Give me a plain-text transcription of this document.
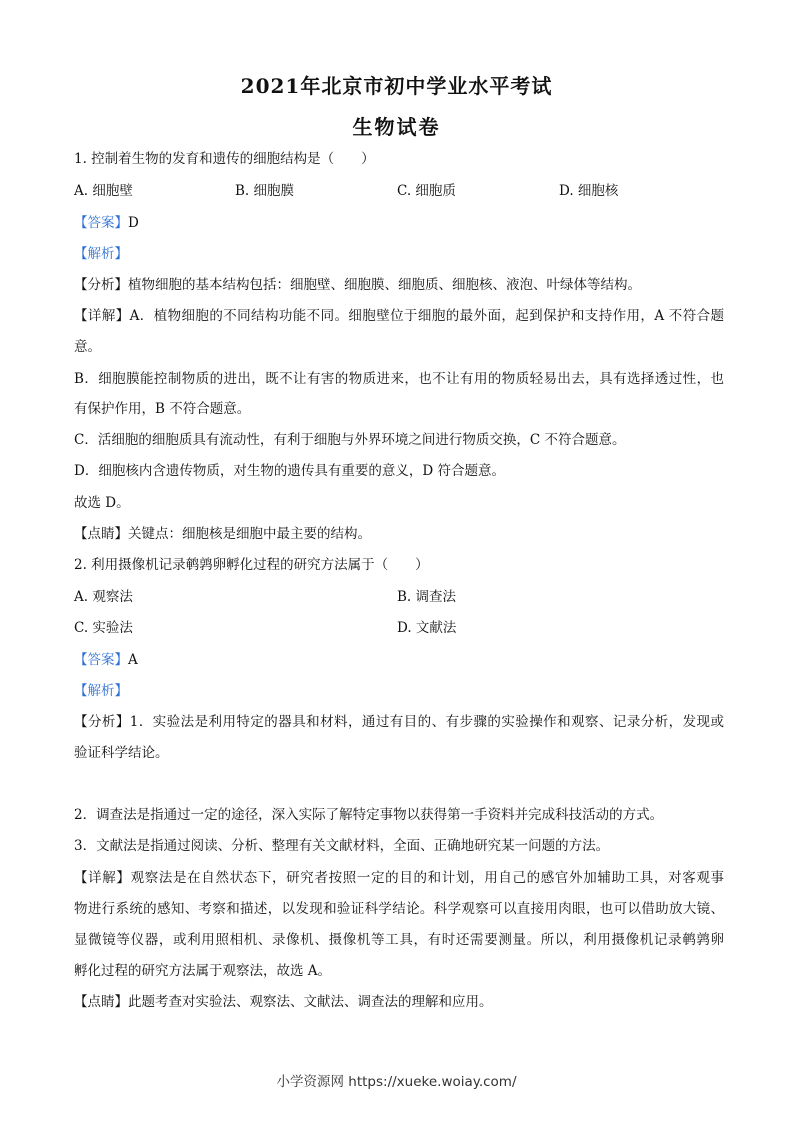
2021年北京市初中学业水平考试
生物试卷
1. 控制着生物的发育和遗传的细胞结构是（　　）
A. 细胞壁	B. 细胞膜	C. 细胞质	D. 细胞核
【答案】D
【解析】
【分析】植物细胞的基本结构包括：细胞壁、细胞膜、细胞质、细胞核、液泡、叶绿体等结构。
【详解】A．植物细胞的不同结构功能不同。细胞壁位于细胞的最外面，起到保护和支持作用，A 不符合题
意。
B．细胞膜能控制物质的进出，既不让有害的物质进来，也不让有用的物质轻易出去，具有选择透过性，也
有保护作用，B 不符合题意。
C．活细胞的细胞质具有流动性，有利于细胞与外界环境之间进行物质交换，C 不符合题意。
D．细胞核内含遗传物质，对生物的遗传具有重要的意义，D 符合题意。
故选 D。
【点睛】关键点：细胞核是细胞中最主要的结构。
2. 利用摄像机记录鹌鹑卵孵化过程的研究方法属于（　　）
A. 观察法	B. 调查法
C. 实验法	D. 文献法
【答案】A
【解析】
【分析】1．实验法是利用特定的器具和材料，通过有目的、有步骤的实验操作和观察、记录分析，发现或
验证科学结论。
2．调查法是指通过一定的途径，深入实际了解特定事物以获得第一手资料并完成科技活动的方式。
3．文献法是指通过阅读、分析、整理有关文献材料，全面、正确地研究某一问题的方法。
【详解】观察法是在自然状态下，研究者按照一定的目的和计划，用自己的感官外加辅助工具，对客观事
物进行系统的感知、考察和描述，以发现和验证科学结论。科学观察可以直接用肉眼，也可以借助放大镜、
显微镜等仪器，或利用照相机、录像机、摄像机等工具，有时还需要测量。所以，利用摄像机记录鹌鹑卵
孵化过程的研究方法属于观察法，故选 A。
【点睛】此题考查对实验法、观察法、文献法、调查法的理解和应用。
小学资源网 https://xueke.woiay.com/
